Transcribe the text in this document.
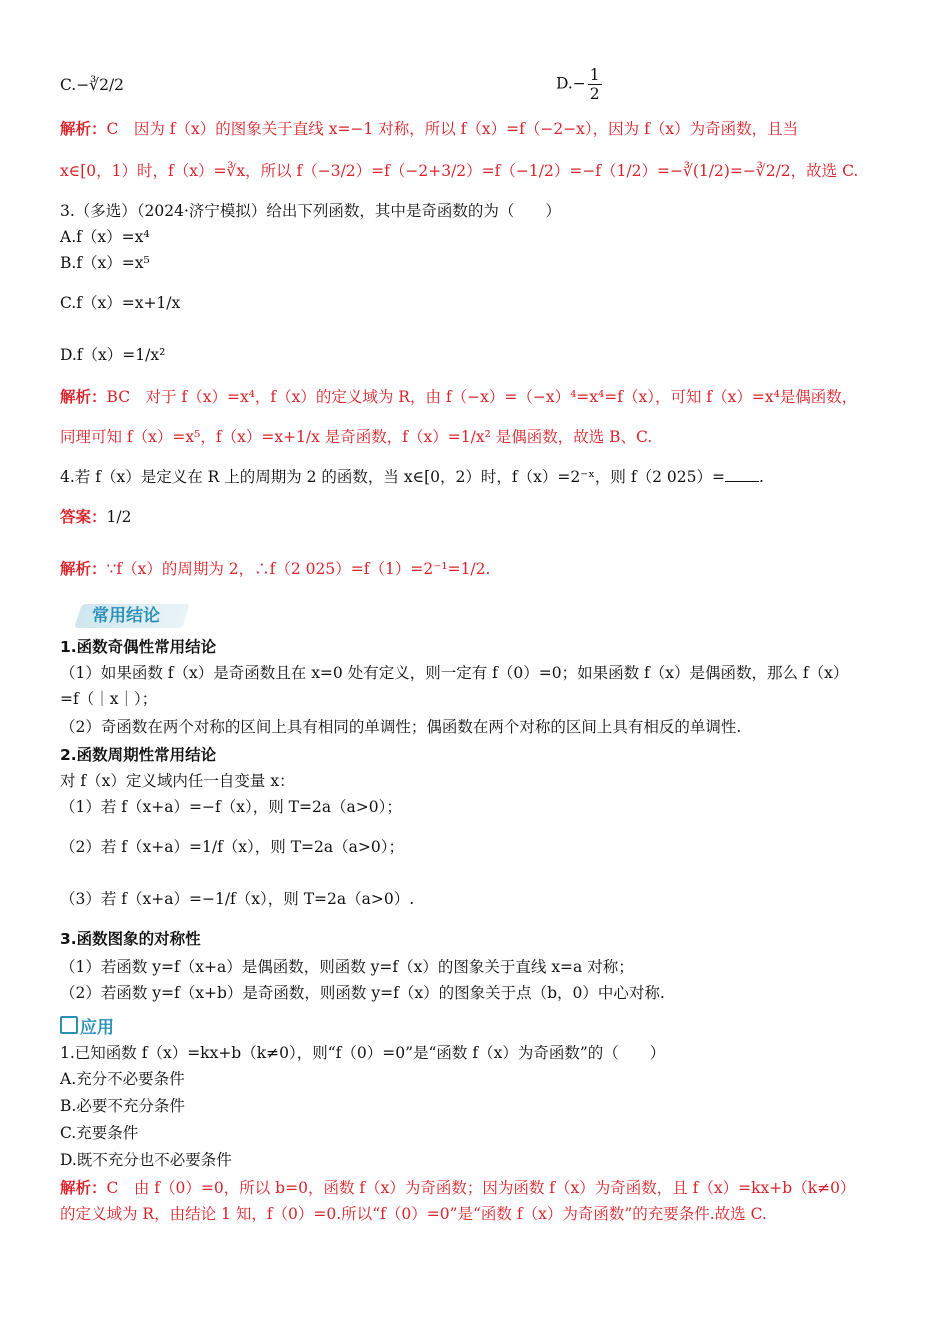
C.−∛2/2	$D.- \frac{1}{2}$
解析：C　因为 f（x）的图象关于直线 x=−1 对称，所以 f（x）=f（−2−x），因为 f（x）为奇函数，且当
x∈[0，1）时，f（x）=∛x，所以 f（−3/2）=f（−2+3/2）=f（−1/2）=−f（1/2）=−∛(1/2)=−∛2/2，故选 C.
3.（多选）（2024·济宁模拟）给出下列函数，其中是奇函数的为（　　）
A.f（x）=x⁴
B.f（x）=x⁵
C.f（x）=x+1/x
D.f（x）=1/x²
解析：BC　对于 f（x）=x⁴，f（x）的定义域为 R，由 f（−x）=（−x）⁴=x⁴=f（x），可知 f（x）=x⁴是偶函数，
同理可知 f（x）=x⁵，f（x）=x+1/x 是奇函数，f（x）=1/x² 是偶函数，故选 B、C.
4.若 f（x）是定义在 R 上的周期为 2 的函数，当 x∈[0，2）时，f（x）=2⁻ˣ，则 f（2 025）= .
答案：1/2
解析：∵f（x）的周期为 2，∴f（2 025）=f（1）=2⁻¹=1/2.
常用结论
1.函数奇偶性常用结论
（1）如果函数 f（x）是奇函数且在 x=0 处有定义，则一定有 f（0）=0；如果函数 f（x）是偶函数，那么 f（x）
=f（｜x｜）；
（2）奇函数在两个对称的区间上具有相同的单调性；偶函数在两个对称的区间上具有相反的单调性.
2.函数周期性常用结论
对 f（x）定义域内任一自变量 x：
（1）若 f（x+a）=−f（x），则 T=2a（a>0）；
（2）若 f（x+a）=1/f（x），则 T=2a（a>0）；
（3）若 f（x+a）=−1/f（x），则 T=2a（a>0）.
3.函数图象的对称性
（1）若函数 y=f（x+a）是偶函数，则函数 y=f（x）的图象关于直线 x=a 对称；
（2）若函数 y=f（x+b）是奇函数，则函数 y=f（x）的图象关于点（b，0）中心对称.
应用
1.已知函数 f（x）=kx+b（k≠0），则“f（0）=0”是“函数 f（x）为奇函数”的（　　）
A.充分不必要条件
B.必要不充分条件
C.充要条件
D.既不充分也不必要条件
解析：C　由 f（0）=0，所以 b=0，函数 f（x）为奇函数；因为函数 f（x）为奇函数，且 f（x）=kx+b（k≠0）
的定义域为 R，由结论 1 知，f（0）=0.所以“f（0）=0”是“函数 f（x）为奇函数”的充要条件.故选 C.
